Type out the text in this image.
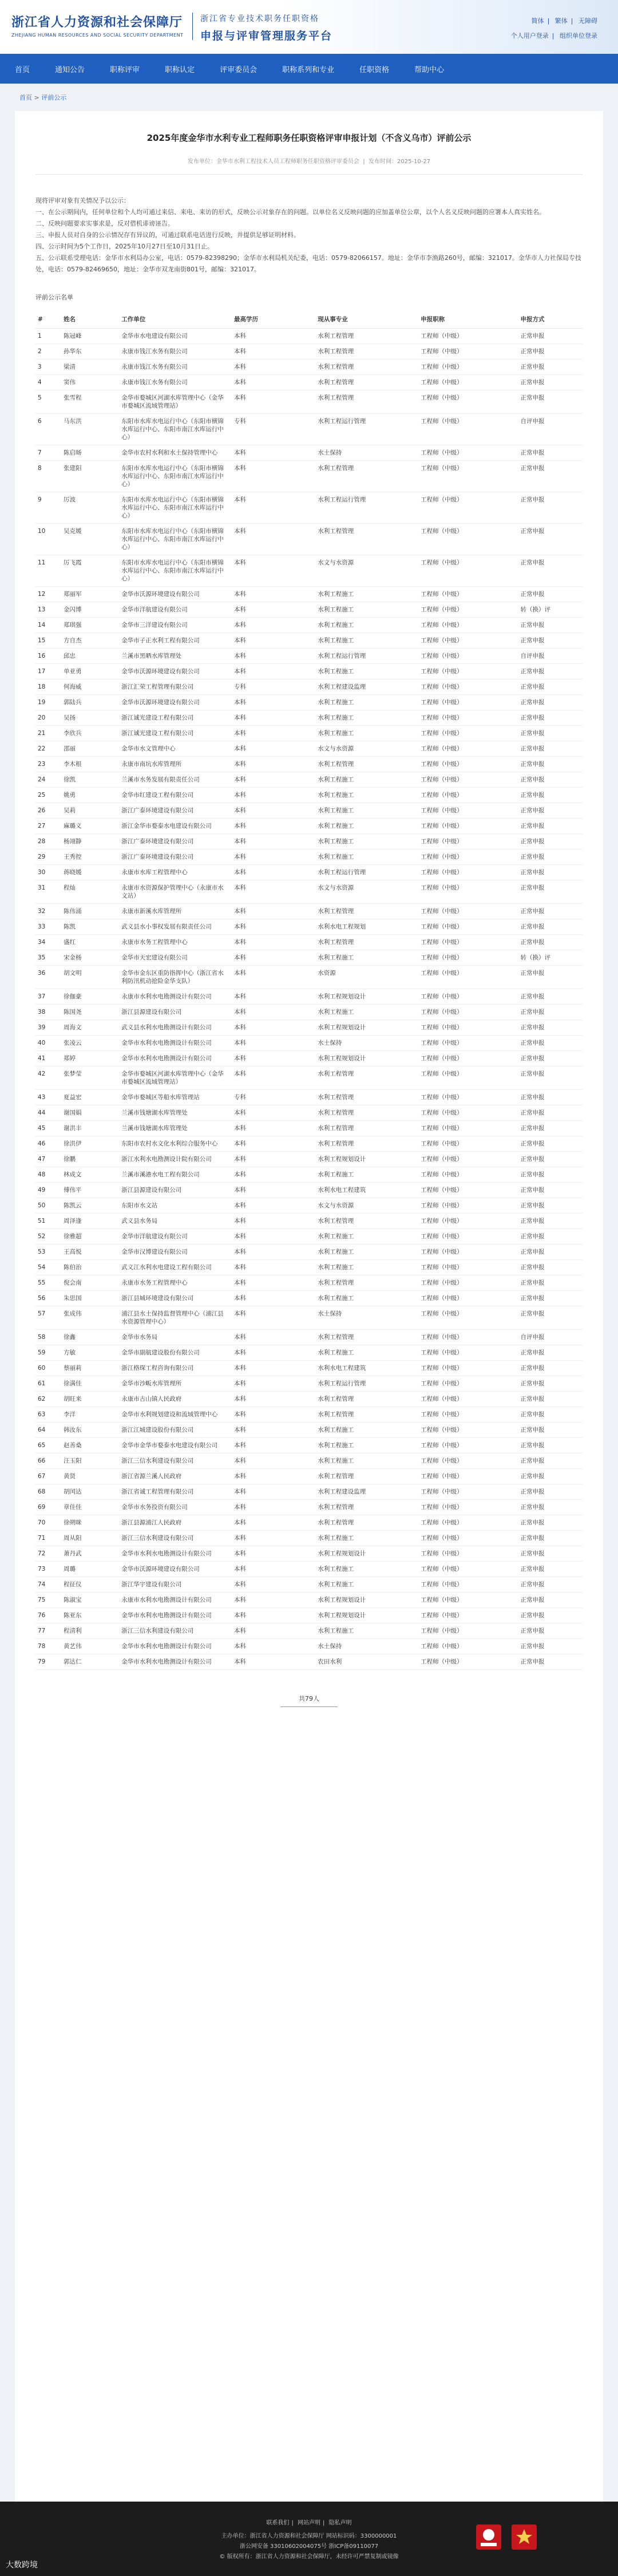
浙江省人力资源和社会保障厅
ZHEJIANG HUMAN RESOURCES AND SOCIAL SECURITY DEPARTMENT
浙江省专业技术职务任职资格
申报与评审管理服务平台
简体 | 繁体 | 无障碍
个人用户登录 | 组织单位登录
首页	通知公告	职称评审	职称认定	评审委员会	职称系列和专业	任职资格	帮助中心
首页 > 评前公示
2025年度金华市水利专业工程师职务任职资格评审申报计划（不含义乌市）评前公示
发布单位：金华市水利工程技术人员工程师职务任职资格评审委员会  |  发布时间：2025-10-27

现将评审对象有关情况予以公示：

一、在公示期间内，任何单位和个人均可通过来信、来电、来访的形式，反映公示对象存在的问题。以单位名义反映问题的应加盖单位公章，以个人名义反映问题的应署本人真实姓名。

二、反映问题要求实事求是，反对借机诽谤诬告。

三、申报人员对自身的公示情况存有异议的，可通过联系电话进行反映，并提供足够证明材料。

四、公示时间为5个工作日，2025年10月27日至10月31日止。

五、公示联系受理电话：金华市水利局办公室，电话：0579-82398290；金华市水利局机关纪委，电话：0579-82066157。地址：金华市李渔路260号，邮编：321017。金华市人力社保局专技处，电话：0579-82469650，地址：金华市双龙南街801号，邮编：321017。

评前公示名单
#	姓名	工作单位	最高学历	现从事专业	申报职称	申报方式
1	陈冠峰	金华市水电建设有限公司	本科	水利工程管理	工程师（中级）	正常申报
2	孙华东	永康市钱江水务有限公司	本科	水利工程管理	工程师（中级）	正常申报
3	梁清	永康市钱江水务有限公司	本科	水利工程管理	工程师（中级）	正常申报
4	窦伟	永康市钱江水务有限公司	本科	水利工程管理	工程师（中级）	正常申报
5	张雪程	金华市婺城区河湖水库管理中心（金华市婺城区流域管理站）	本科	水利工程管理	工程师（中级）	正常申报
6	马东洪	东阳市水库水电运行中心（东阳市横锦水库运行中心、东阳市南江水库运行中心）	专科	水利工程运行管理	工程师（中级）	自评申报
7	陈启旸	金华市农村水利和水土保持管理中心	本科	水土保持	工程师（中级）	正常申报
8	张建阳	东阳市水库水电运行中心（东阳市横锦水库运行中心、东阳市南江水库运行中心）	本科	水利工程管理	工程师（中级）	正常申报
9	厉波	东阳市水库水电运行中心（东阳市横锦水库运行中心、东阳市南江水库运行中心）	本科	水利工程运行管理	工程师（中级）	正常申报
10	吴克媛	东阳市水库水电运行中心（东阳市横锦水库运行中心、东阳市南江水库运行中心）	本科	水利工程管理	工程师（中级）	正常申报
11	厉飞霞	东阳市水库水电运行中心（东阳市横锦水库运行中心、东阳市南江水库运行中心）	本科	水文与水资源	工程师（中级）	正常申报
12	郑丽军	金华市沃源环境建设有限公司	本科	水利工程施工	工程师（中级）	正常申报
13	金闪博	金华市洋航建设有限公司	本科	水利工程施工	工程师（中级）	转（换）评
14	郑琪强	金华市三洋建设有限公司	本科	水利工程施工	工程师（中级）	正常申报
15	方自杰	金华市子正水利工程有限公司	本科	水利工程施工	工程师（中级）	正常申报
16	邱忠	兰溪市黑晒水库管理处	本科	水利工程运行管理	工程师（中级）	自评申报
17	单亚勇	金华市沃源环境建设有限公司	本科	水利工程施工	工程师（中级）	正常申报
18	何海威	浙江汇荣工程管理有限公司	专科	水利工程建设监理	工程师（中级）	正常申报
19	郭陆兵	金华市沃源环境建设有限公司	本科	水利工程施工	工程师（中级）	正常申报
20	吴扬	浙江诚光建设工程有限公司	本科	水利工程施工	工程师（中级）	正常申报
21	李欣兵	浙江诚光建设工程有限公司	本科	水利工程施工	工程师（中级）	正常申报
22	邵丽	金华市水文管理中心	本科	水文与水资源	工程师（中级）	正常申报
23	李木根	永康市南坑水库管理所	本科	水利工程管理	工程师（中级）	正常申报
24	徐凯	兰溪市水务发展有限责任公司	本科	水利工程施工	工程师（中级）	正常申报
25	姚勇	金华市红建设工程有限公司	本科	水利工程施工	工程师（中级）	正常申报
26	吴莉	浙江广泰环境建设有限公司	本科	水利工程施工	工程师（中级）	正常申报
27	麻璐义	浙江金华市婺泰水电建设有限公司	本科	水利工程施工	工程师（中级）	正常申报
28	杨翊静	浙江广泰环境建设有限公司	本科	水利工程施工	工程师（中级）	正常申报
29	王秀控	浙江广泰环境建设有限公司	本科	水利工程施工	工程师（中级）	正常申报
30	蒋晓媛	永康市水库工程管理中心	本科	水利工程运行管理	工程师（中级）	正常申报
31	程灿	永康市水资源保护管理中心（永康市水文站）	本科	水文与水资源	工程师（中级）	正常申报
32	陈伟涌	永康市新溪水库管理所	本科	水利工程管理	工程师（中级）	正常申报
33	陈凯	武义县水小事权发展有限责任公司	本科	水利水电工程规划	工程师（中级）	正常申报
34	盛红	永康市水务工程管理中心	本科	水利工程管理	工程师（中级）	正常申报
35	宋金杨	金华市天宏建设有限公司	本科	水利工程施工	工程师（中级）	转（换）评
36	胡文明	金华市金东区重防指挥中心（浙江省水利防汛机动抢险金华支队）	本科	水资源	工程师（中级）	正常申报
37	徐伽豪	永康市水利水电勘测设计有限公司	本科	水利工程规划设计	工程师（中级）	正常申报
38	陈国尧	浙江县源建设有限公司	本科	水利工程施工	工程师（中级）	正常申报
39	周海文	武义县水利水电勘测设计有限公司	本科	水利工程规划设计	工程师（中级）	正常申报
40	张凌云	金华市水利水电勘测设计有限公司	本科	水土保持	工程师（中级）	正常申报
41	郑婷	金华市水利水电勘测设计有限公司	本科	水利工程规划设计	工程师（中级）	正常申报
42	张梦莹	金华市婺城区河湖水库管理中心（金华市婺城区流域管理站）	本科	水利工程管理	工程师（中级）	正常申报
43	夏益宏	金华市婺城区等船水库管理站	专科	水利工程管理	工程师（中级）	正常申报
44	谢国娟	兰溪市钱塘湖水库管理处	本科	水利工程管理	工程师（中级）	正常申报
45	谢洪丰	兰溪市钱塘湖水库管理处	本科	水利工程管理	工程师（中级）	正常申报
46	徐洪伊	东阳市农村水文化水利综合服务中心	本科	水利工程管理	工程师（中级）	正常申报
47	徐鹏	浙江水利水电勘测设计院有限公司	本科	水利工程规划设计	工程师（中级）	正常申报
48	林成文	兰溪市溪港水电工程有限公司	本科	水利工程施工	工程师（中级）	正常申报
49	傅伟平	浙江县源建设有限公司	本科	水利水电工程建筑	工程师（中级）	正常申报
50	陈凯云	东阳市水文站	本科	水文与水资源	工程师（中级）	正常申报
51	周泽逢	武义县水务局	本科	水利工程管理	工程师（中级）	正常申报
52	徐雅超	金华市洋航建设有限公司	本科	水利工程施工	工程师（中级）	正常申报
53	王高悦	金华市汉博建设有限公司	本科	水利工程施工	工程师（中级）	正常申报
54	陈伯治	武义江水利水电建设工程有限公司	本科	水利工程施工	工程师（中级）	正常申报
55	倪会南	永康市水务工程管理中心	本科	水利工程管理	工程师（中级）	正常申报
56	朱思国	浙江县城环境建设有限公司	本科	水利工程施工	工程师（中级）	正常申报
57	张成伟	浦江县水土保持监督管理中心（浦江县水资源管理中心）	本科	水土保持	工程师（中级）	正常申报
58	徐鑫	金华市水务局	本科	水利工程管理	工程师（中级）	自评申报
59	方敏	金华市副航建设股份有限公司	本科	水利工程施工	工程师（中级）	正常申报
60	蔡丽莉	浙江格琛工程咨询有限公司	本科	水利水电工程建筑	工程师（中级）	正常申报
61	徐满佳	金华市沙畈水库管理所	本科	水利工程运行管理	工程师（中级）	正常申报
62	胡旺来	永康市古山镇人民政府	本科	水利工程管理	工程师（中级）	正常申报
63	李洋	金华市水利规划建设和流域管理中心	本科	水利工程管理	工程师（中级）	正常申报
64	韩汝东	浙江江城建设股份有限公司	本科	水利工程施工	工程师（中级）	正常申报
65	赵善桑	金华市金华市婺泰水电建设有限公司	本科	水利工程施工	工程师（中级）	正常申报
66	汪玉阳	浙江三信水利建设有限公司	本科	水利工程施工	工程师（中级）	正常申报
67	黄贤	浙江省源兰溪人民政府	本科	水利工程管理	工程师（中级）	正常申报
68	胡闰达	浙江省诚工程管理有限公司	本科	水利工程建设监理	工程师（中级）	正常申报
69	章佳佳	金华市水务投资有限公司	本科	水利工程管理	工程师（中级）	正常申报
70	徐朔咪	浙江县源浦江人民政府	本科	水利工程管理	工程师（中级）	正常申报
71	周从阳	浙江三信水利建设有限公司	本科	水利工程施工	工程师（中级）	正常申报
72	萧丹武	金华市水利水电勘测设计有限公司	本科	水利工程规划设计	工程师（中级）	正常申报
73	周璐	金华市沃源环境建设有限公司	本科	水利工程施工	工程师（中级）	正常申报
74	程征仪	浙江华宇建设有限公司	本科	水利工程施工	工程师（中级）	正常申报
75	陈淑宝	永康市水利水电勘测设计有限公司	本科	水利工程规划设计	工程师（中级）	正常申报
76	陈亚东	金华市水利水电勘测设计有限公司	本科	水利工程规划设计	工程师（中级）	正常申报
77	程清利	浙江三信水利建设有限公司	本科	水利工程施工	工程师（中级）	正常申报
78	黄艺伟	金华市水利水电勘测设计有限公司	本科	水土保持	工程师（中级）	正常申报
79	郭达仁	金华市水利水电勘测设计有限公司	本科	农田水利	工程师（中级）	正常申报
共79人
联系我们 | 网站声明 | 隐私声明
主办单位：浙江省人力资源和社会保障厅 网站标识码：3300000001
浙公网安备 33010602004075号 浙ICP备09110077
© 版权所有：浙江省人力资源和社会保障厅，未经许可严禁复制或镜像
大数跨境
